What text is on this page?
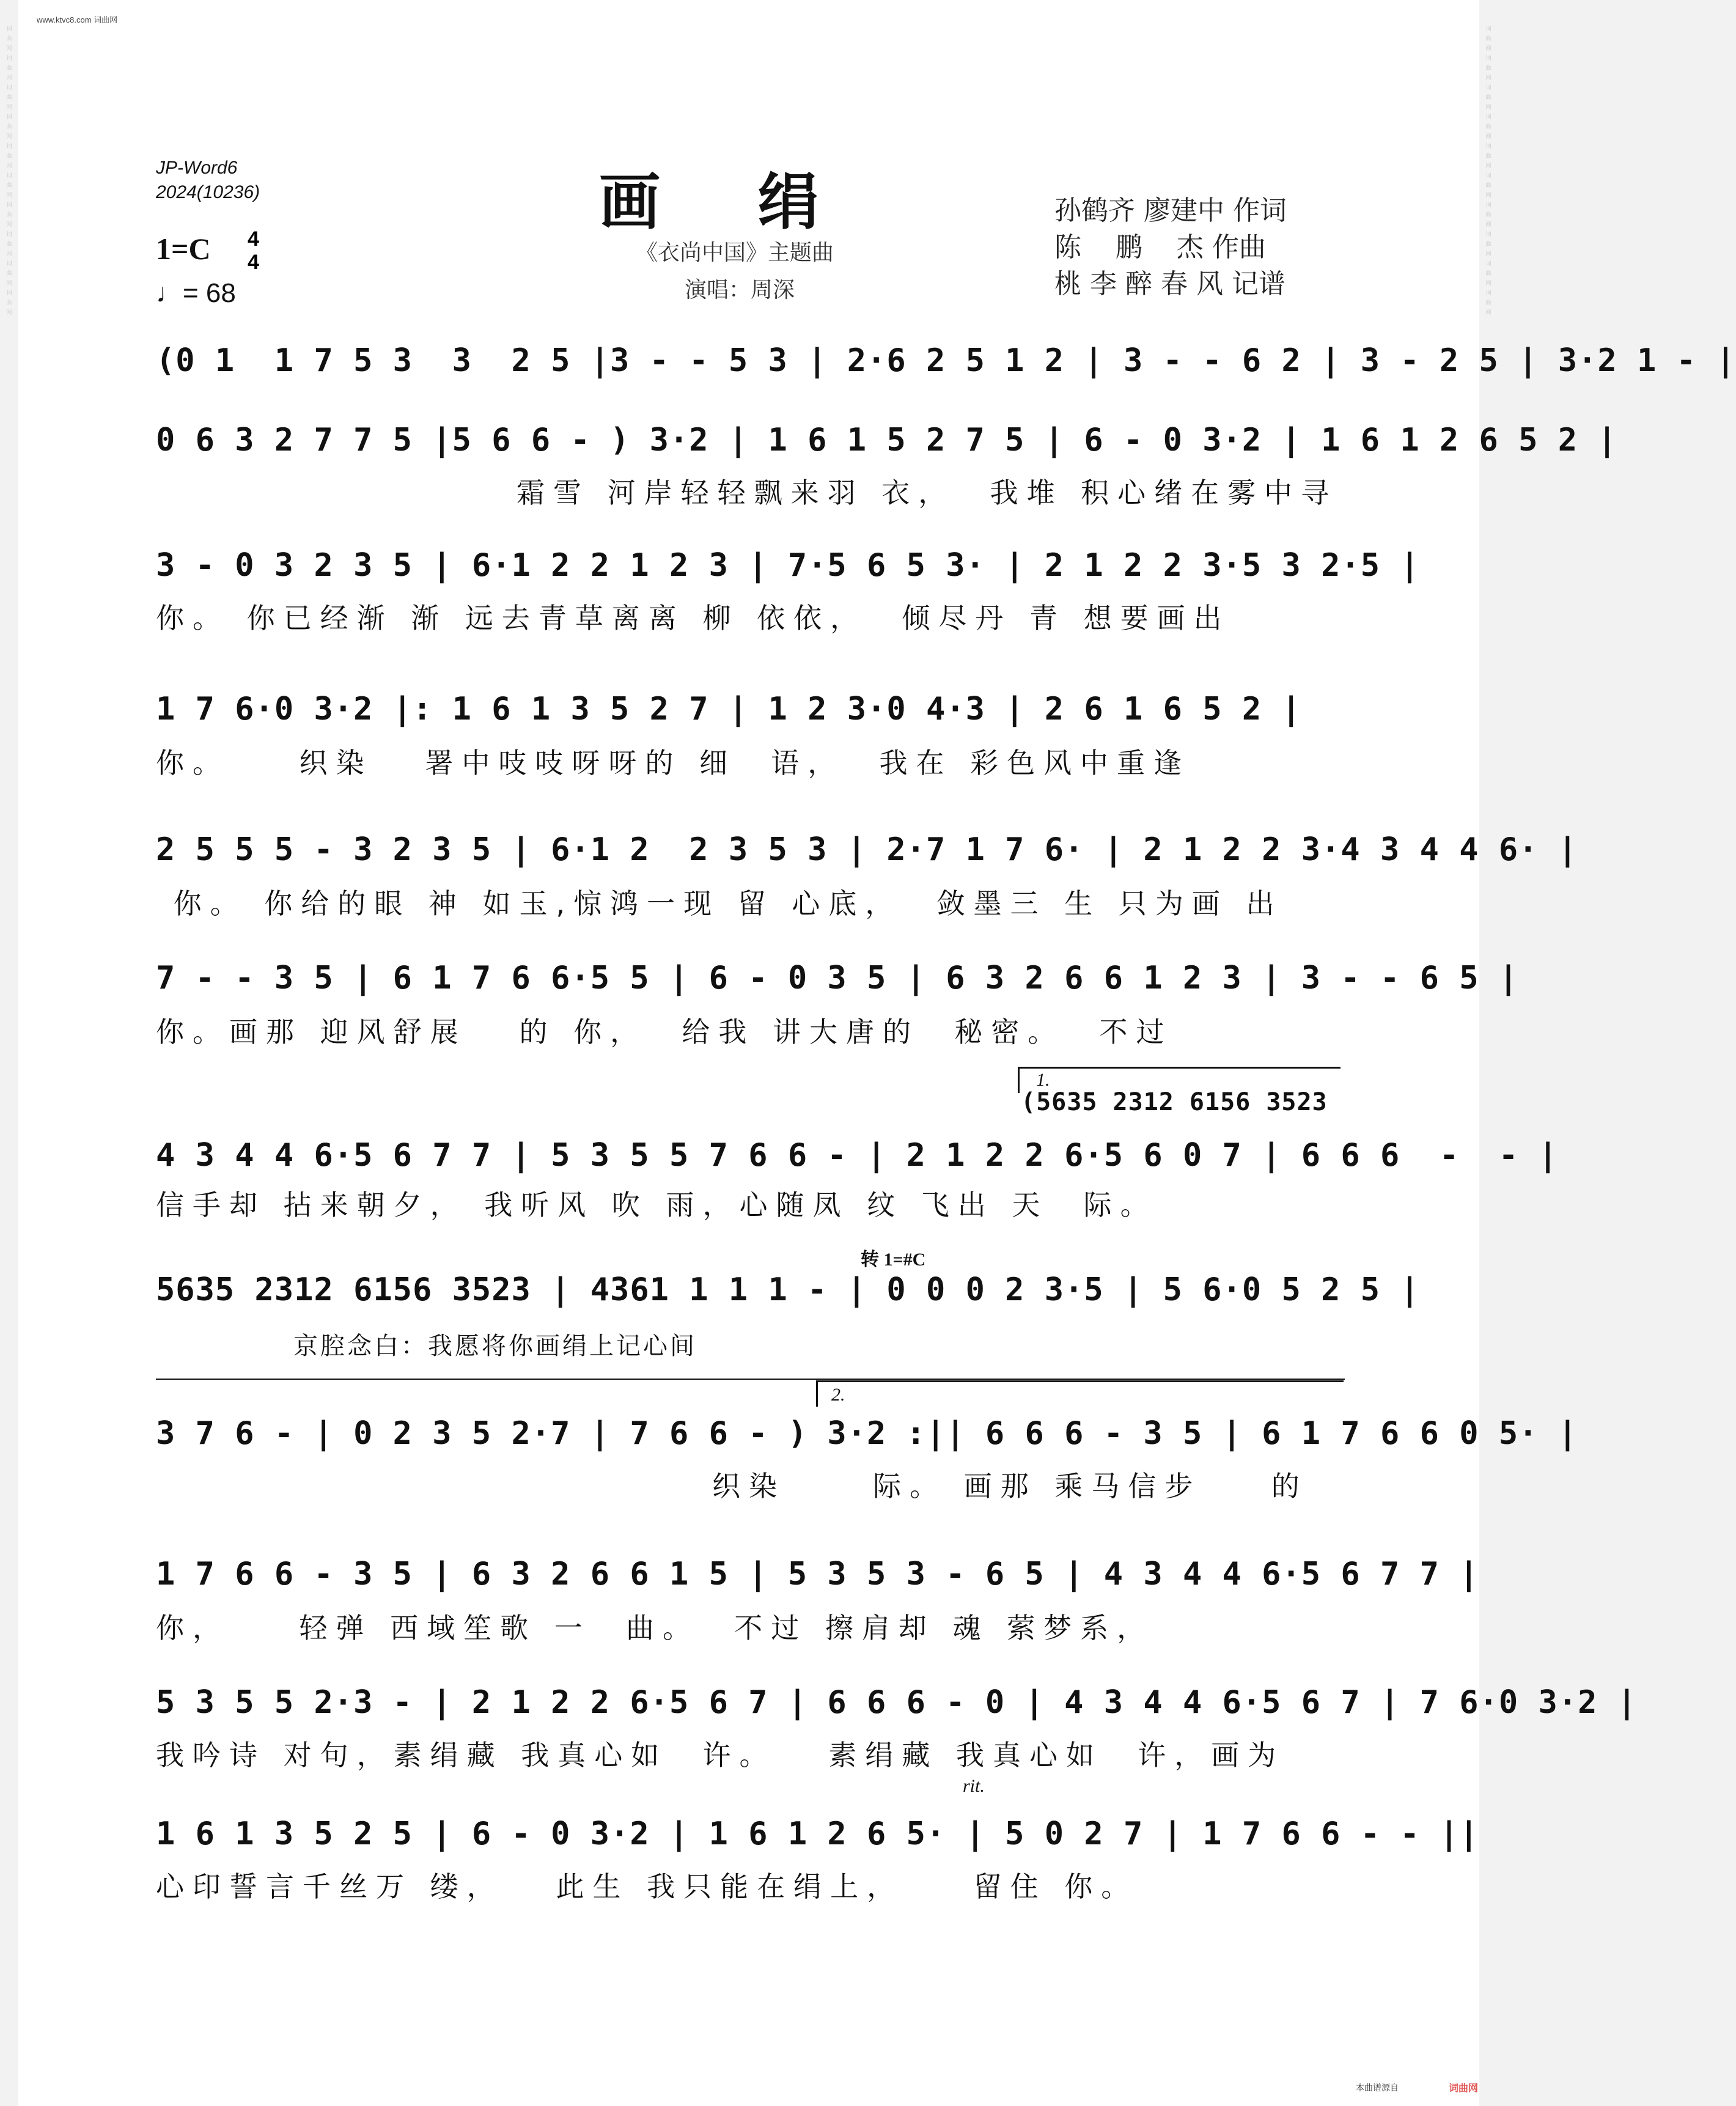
词曲网 词曲网 词曲网 词曲网 词曲网 词曲网 词曲网 词曲网 词曲网 词曲网
词曲网 词曲网 词曲网 词曲网 词曲网 词曲网 词曲网 词曲网 词曲网 词曲网
www.ktvc8.com 词曲网
JP-Word6
2024(10236)	画绢
《衣尚中国》主题曲
演唱：周深
孙鹤齐 廖建中 作词
陈    鹏    杰 作曲
桃 李 醉 春 风 记谱
1=C 4
4
♩= 68
(0 1  1 7 5 3  3  2 5 |3 - - 5 3 | 2·6 2 5 1 2 | 3 - - 6 2 | 3 - 2 5 | 3·2 1 - |
0 6 3 2 7 7 5 |5 6 6 - ) 3·2 | 1 6 1 5 2 7 5 | 6 - 0 3·2 | 1 6 1 2 6 5 2 |
霜雪 河岸轻轻飘来羽 衣，  我堆 积心绪在雾中寻
3 - 0 3 2 3 5 | 6·1 2 2 1 2 3 | 7·5 6 5 3· | 2 1 2 2 3·5 3 2·5 |
你。 你已经渐 渐 远去青草离离 柳 依依，  倾尽丹 青 想要画出
1 7 6·0 3·2 |: 1 6 1 3 5 2 7 | 1 2 3·0 4·3 | 2 6 1 6 5 2 |
你。    织染   署中吱吱呀呀的 细  语，  我在 彩色风中重逢
2 5 5 5 - 3 2 3 5 | 6·1 2  2 3 5 3 | 2·7 1 7 6· | 2 1 2 2 3·4 3 4 4 6· |
你。 你给的眼 神 如玉,惊鸿一现 留 心底，  敛墨三 生 只为画 出
7 - - 3 5 | 6 1 7 6 6·5 5 | 6 - 0 3 5 | 6 3 2 6 6 1 2 3 | 3 - - 6 5 |
你。画那 迎风舒展   的 你，  给我 讲大唐的  秘密。  不过
1.
(5635 2312 6156 3523
4 3 4 4 6·5 6 7 7 | 5 3 5 5 7 6 6 - | 2 1 2 2 6·5 6 0 7 | 6 6 6  -  - |
信手却 拈来朝夕， 我听风 吹 雨，心随凤 纹 飞出 天  际。
转 1=#C
5635 2312 6156 3523 | 4361 1 1 1 - | 0 0 0 2 3·5 | 5 6·0 5 2 5 |
京腔念白：我愿将你画绢上记心间
2.
3 7 6 - | 0 2 3 5 2·7 | 7 6 6 - ) 3·2 :|| 6 6 6 - 3 5 | 6 1 7 6 6 0 5· |
织染     际。 画那 乘马信步    的
1 7 6 6 - 3 5 | 6 3 2 6 6 1 5 | 5 3 5 3 - 6 5 | 4 3 4 4 6·5 6 7 7 |
你，    轻弹 西域笙歌 一  曲。  不过 擦肩却 魂 萦梦系，
5 3 5 5 2·3 - | 2 1 2 2 6·5 6 7 | 6 6 6 - 0 | 4 3 4 4 6·5 6 7 | 7 6·0 3·2 |
我吟诗 对句，素绢藏 我真心如  许。   素绢藏 我真心如  许，画为
rit.
1 6 1 3 5 2 5 | 6 - 0 3·2 | 1 6 1 2 6 5· | 5 0 2 7 | 1 7 6 6 - - ||
心印誓言千丝万 缕，   此生 我只能在绢上，    留住 你。
本曲谱源自	词曲网
